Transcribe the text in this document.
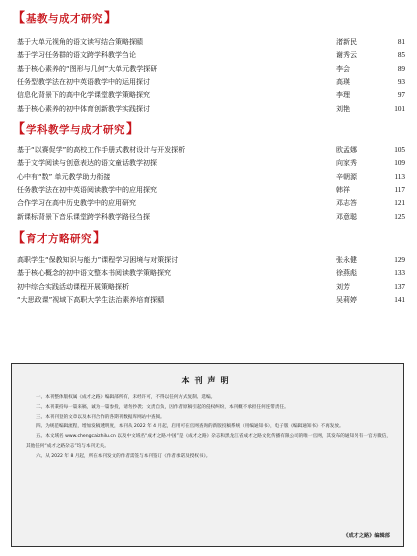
【 基教与成才研究 】
基于大单元视角的语文读写结合策略探赜	渚新民	81
基于学习任务群的语文跨学科教学刍论	谢秀云	85
基于核心素养的“图形与几何”大单元教学探研	李会	89
任务型教学法在初中英语教学中的运用探讨	高瑛	93
信息化背景下的高中化学课堂教学策略探究	李理	97
基于核心素养的初中体育创新教学实践探讨	刘艳	101
【 学科教学与成才研究 】
基于“以赛促学”的高校工作手册式教材设计与开发探析	欧孟娜	105
基于文学阅读与创意表达的语文童话教学初探	向家秀	109
心中有“数” 单元教学助力衔接	辛朝源	113
任务教学法在初中英语阅读教学中的应用探究	韩祥	117
合作学习在高中历史教学中的应用研究	邓志答	121
新课标背景下音乐课堂跨学科教学路径刍探	邓意聪	125
【 育才方略研究 】
高职学生“保教知识与能力”课程学习困境与对策探讨	张永健	129
基于核心概念的初中语文整本书阅读教学策略探究	徐燕彪	133
初中综合实践活动课程开展策略探析	刘芳	137
“大思政课”视域下高职大学生法治素养培育探赜	吴莉婷	141
本刊声明
一、本刊整体版权属《成才之路》编辑部所有，未经许可，不得以任何方式复制、选编。
二、本刊秉持每一篇来稿，诚为一篇参投，请勿抄袭；文责自负，因作者原稿引起的侵权纠纷，本刊概不承担任何连带责任。
三、本刊刊登的文章以及本刊合作的各期刊数据库网站中查阅。
四、为规范编辑流程，增加发稿透明度，本刊从 2022 年 4 月起，启用可在官网查询的新版投稿系统（用编通知书），电子版《编辑通知书》不再发放。
五、本文域名 www.chengcaizhilu.cn 以及中文域名“成才之路.中国”是《成才之路》杂志和黑龙江省成才之路文化传播有限公司的唯一官网，其发布的通知另有一官方微信，其他任何“成才之路杂志”均与本刊无关。
六、从 2022 年 8 月起，所在本刊发文的作者需签与本刊签订《作者承诺及授权书》。
《成才之路》编辑部
